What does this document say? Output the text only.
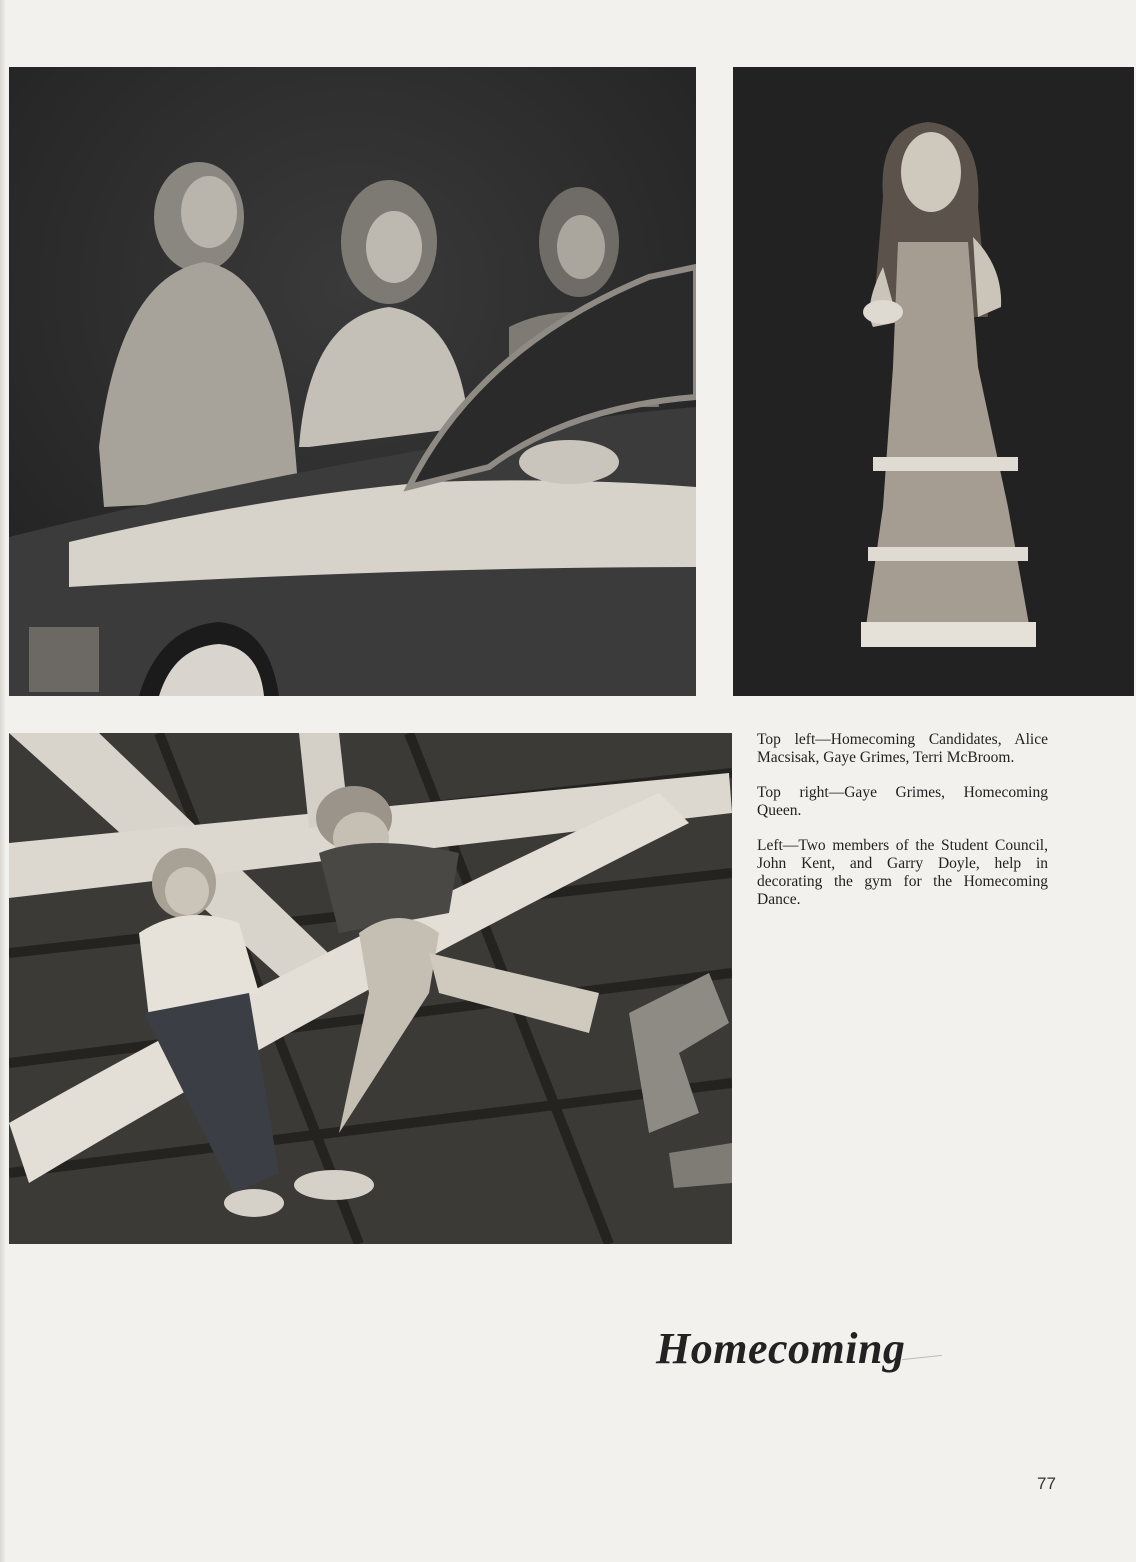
Top left—Homecoming Candidates, Alice Macsisak, Gaye Grimes, Terri McBroom.

Top right—Gaye Grimes, Homecoming Queen.

Left—Two members of the Student Council, John Kent, and Garry Doyle, help in decorating the gym for the Homecoming Dance.

Homecoming
77
